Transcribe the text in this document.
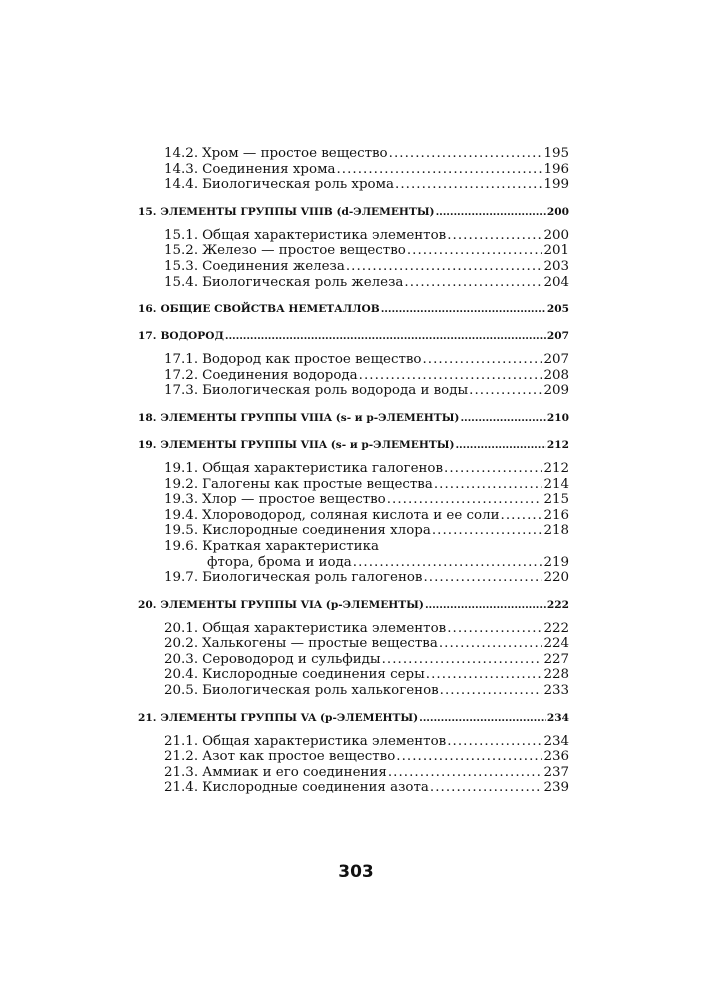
14.2. Хром — простое вещество . . .	195
14.3. Соединения хрома . . .	196
14.4. Биологическая роль хрома . . .	199
15. ЭЛЕМЕНТЫ ГРУППЫ VIIIB (d-ЭЛЕМЕНТЫ) . . .	200
15.1. Общая характеристика элементов . . .	200
15.2. Железо — простое вещество . . .	201
15.3. Соединения железа . . .	203
15.4. Биологическая роль железа . . .	204
16. ОБЩИЕ СВОЙСТВА НЕМЕТАЛЛОВ . . .	205
17. ВОДОРОД . . .	207
17.1. Водород как простое вещество . . .	207
17.2. Соединения водорода . . .	208
17.3. Биологическая роль водорода и воды . . .	209
18. ЭЛЕМЕНТЫ ГРУППЫ VIIIA (s- и p-ЭЛЕМЕНТЫ) . . .	210
19. ЭЛЕМЕНТЫ ГРУППЫ VIIA (s- и p-ЭЛЕМЕНТЫ) . . .	212
19.1. Общая характеристика галогенов . . .	212
19.2. Галогены как простые вещества . . .	214
19.3. Хлор — простое вещество . . .	215
19.4. Хлороводород, соляная кислота и ее соли . . .	216
19.5. Кислородные соединения хлора . . .	218
19.6. Краткая характеристика
фтора, брома и иода . . .	219
19.7. Биологическая роль галогенов . . .	220
20. ЭЛЕМЕНТЫ ГРУППЫ VIA (p-ЭЛЕМЕНТЫ) . . .	222
20.1. Общая характеристика элементов . . .	222
20.2. Халькогены — простые вещества . . .	224
20.3. Сероводород и сульфиды . . .	227
20.4. Кислородные соединения серы . . .	228
20.5. Биологическая роль халькогенов . . .	233
21. ЭЛЕМЕНТЫ ГРУППЫ VA (p-ЭЛЕМЕНТЫ) . . .	234
21.1. Общая характеристика элементов . . .	234
21.2. Азот как простое вещество . . .	236
21.3. Аммиак и его соединения . . .	237
21.4. Кислородные соединения азота . . .	239
303
